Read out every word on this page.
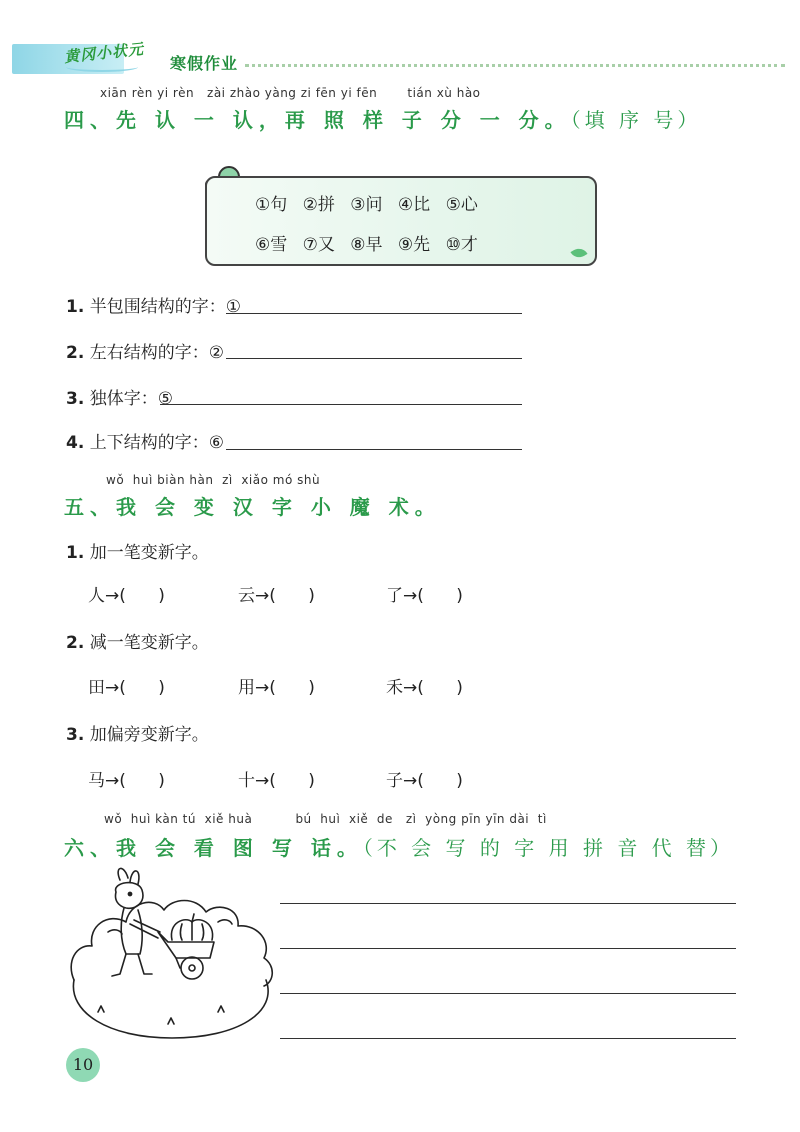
黄冈小状元 寒假作业
xiān rèn yi rèn   zài zhào yàng zi fēn yi fēn       tián xù hào
四、先 认 一 认，再 照 样 子 分 一 分。（填 序 号）
①句 ②拼 ③问 ④比 ⑤心
⑥雪 ⑦又 ⑧早 ⑨先 ⑩才
1. 半包围结构的字：①
2. 左右结构的字：②
3. 独体字：⑤
4. 上下结构的字：⑥
wǒ  huì biàn hàn  zì  xiǎo mó shù
五、我 会 变 汉 字 小 魔 术。
1. 加一笔变新字。
人→(      )	云→(      )	了→(      )
2. 减一笔变新字。
田→(      )	用→(      )	禾→(      )
3. 加偏旁变新字。
马→(      )	十→(      )	子→(      )
wǒ  huì kàn tú  xiě huà          bú  huì  xiě  de   zì  yòng pīn yīn dài  tì
六、我 会 看 图 写 话。（不 会 写 的 字 用 拼 音 代 替）
10
